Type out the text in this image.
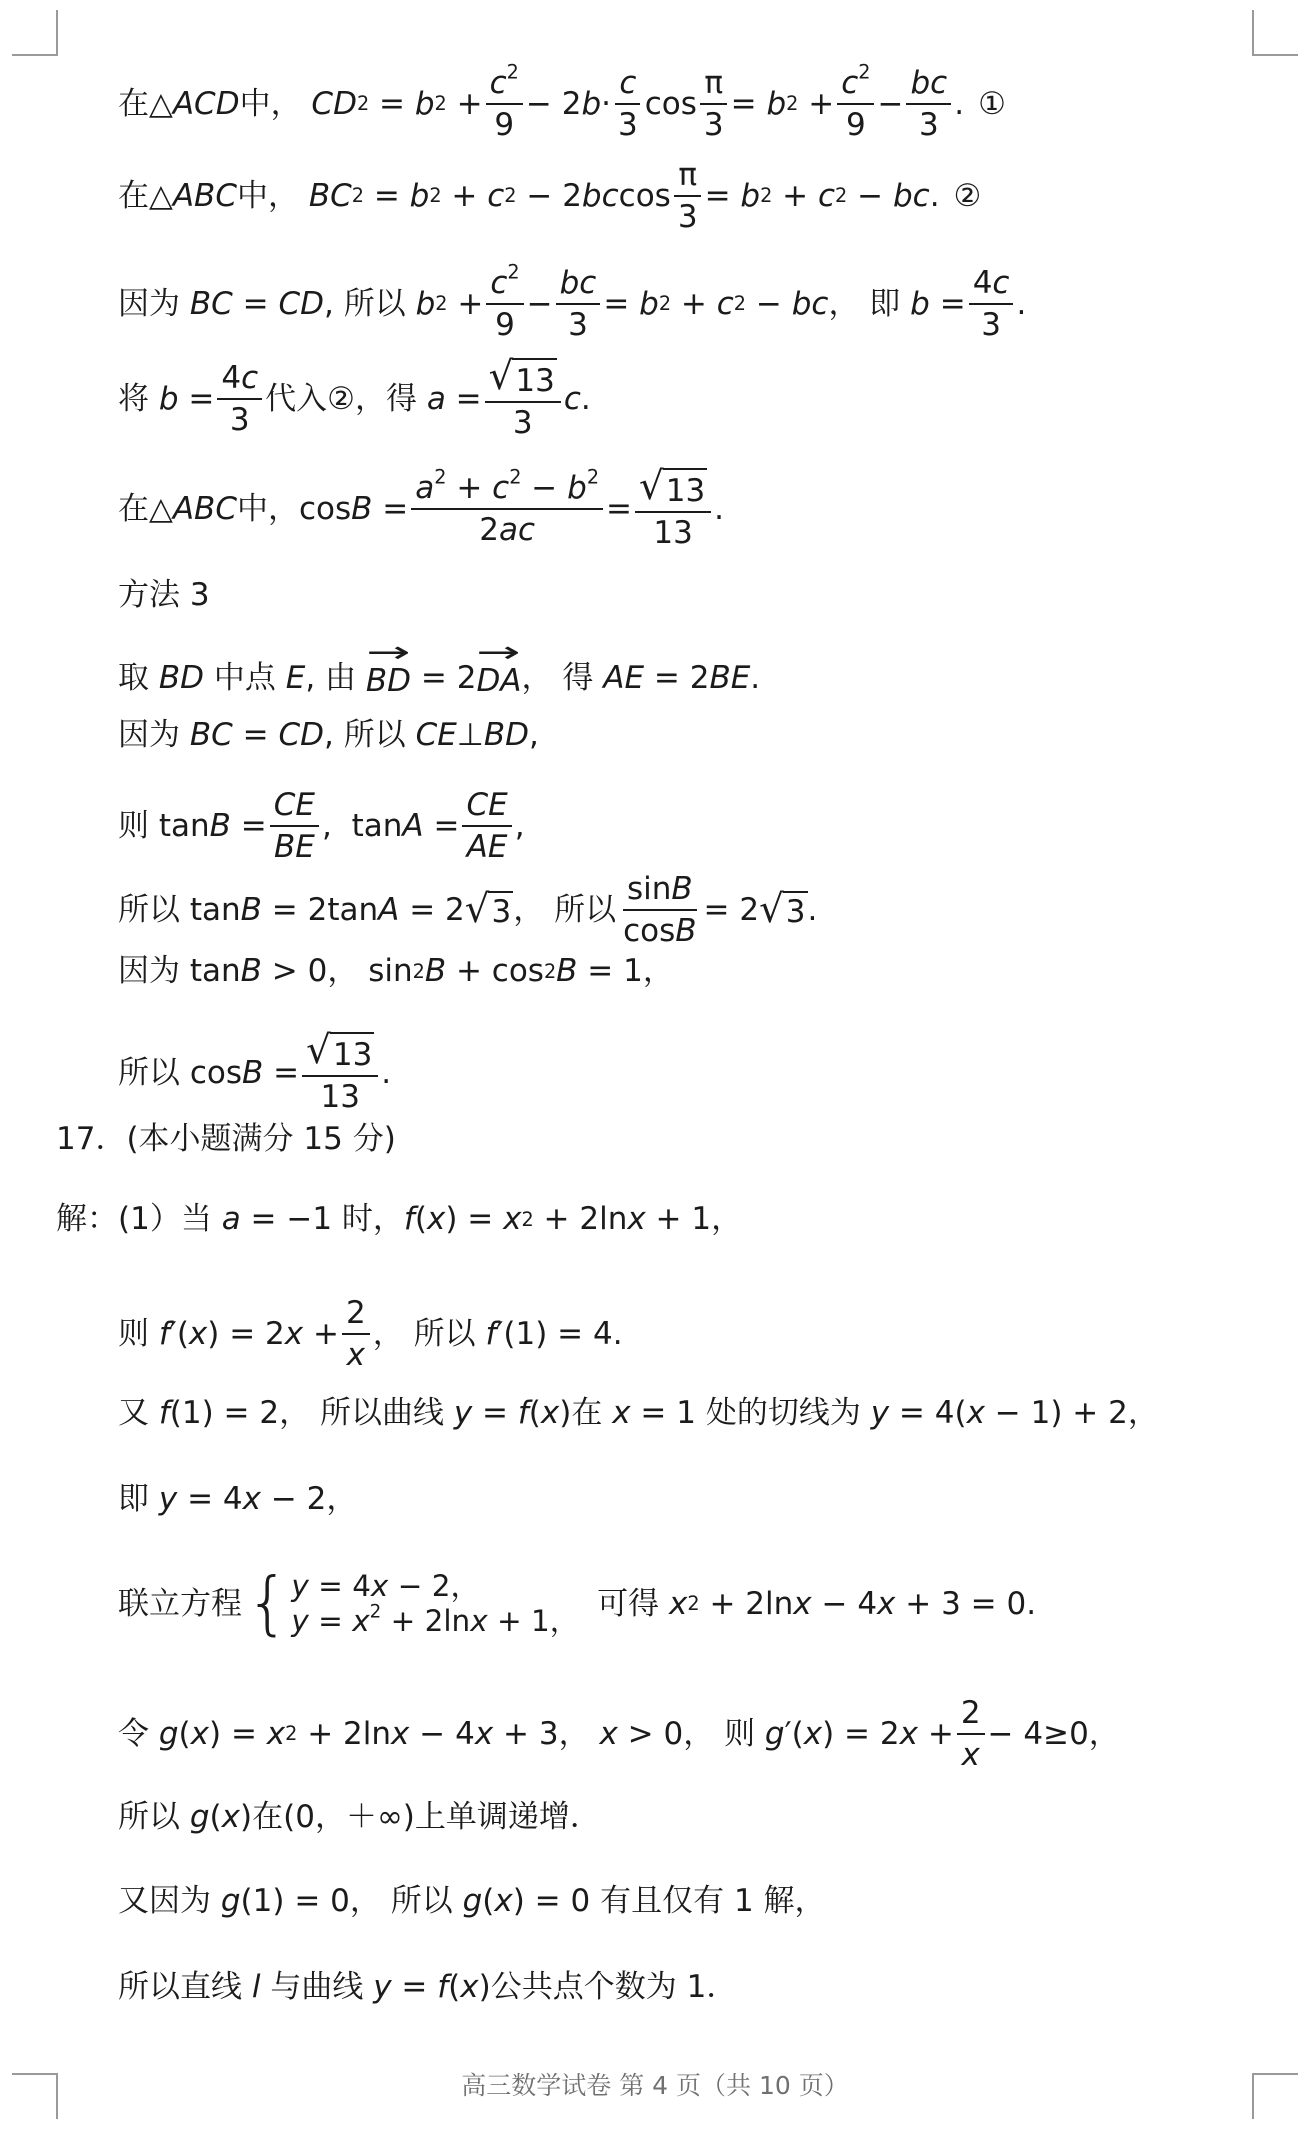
在△ ACD 中， CD 2 = b $2 + \frac{c^2}{9} - 2$ $b \cdot \frac{c}{3}$ $\cos \frac{\pi}{3} = b$ $2 + \frac{c^2}{9} - \frac{bc}{3}$ . ①
在△ ABC 中， BC 2 = b 2 + c 2 − 2 bc $\cos \frac{\pi}{3} = b$ 2 + c 2 − bc . ②
因为
BC = CD , 所以
b $2 + \frac{c^2}{9} - \frac{bc}{3} = b$ 2 + c 2 − bc ， 即
$b = \frac{4c}{3}$ .
将
$b = \frac{4c}{3}$ 代入②，得
$a = \frac{√ 13}{3}$ c .
在△ ABC 中， $\cos B = \frac{a^2 + c^2 - b^2}{2ac} = \frac{√ 13}{13}$ .
方法 3
取
BD
中点
E , 由
BD → = 2 DA → ， 得
AE = 2 BE .
因为
BC = CD , 所以
CE ⊥ BD ,
则 $\tan B = \frac{CE}{BE}$ ,  $\tan A = \frac{CE}{AE}$ ,
所以 tan B = 2tan A = 2 √ 3 ， 所以 $\frac{\sin B}{\cos B} = 2$ √ 3 .
因为 tan B > 0， sin 2 B + cos 2 B = 1，
所以 $\cos B = \frac{√ 13}{13}$ .
17．(本小题满分 15 分)
解：(1）当
a = −1 时， f ( x ) = x 2 + 2ln x + 1，
则
f ′( x ) = 2 $x + \frac{2}{x}$ ， 所以
f ′(1) = 4.
又
f (1) = 2， 所以曲线
y = f ( x ) 在
x = 1 处的切线为
y = 4( x − 1) + 2，
即
y = 4 x − 2，
联立方程 { y = 4x − 2，
$y = x^2 + 2\ln x + 1$， 可得
x 2 + 2ln x − 4 x + 3 = 0.
令
g ( x ) = x 2 + 2ln x − 4 x + 3， x > 0， 则
g ′( x ) = 2 $x + \frac{2}{x} - 4\ge 0$，
所以
g ( x ) 在(0，＋∞)上单调递增．
又因为
g (1) = 0， 所以
g ( x ) = 0 有且仅有 1 解，
所以直线
l
与曲线
y = f ( x ) 公共点个数为 1．
高三数学试卷 第 4 页（共 10 页）
